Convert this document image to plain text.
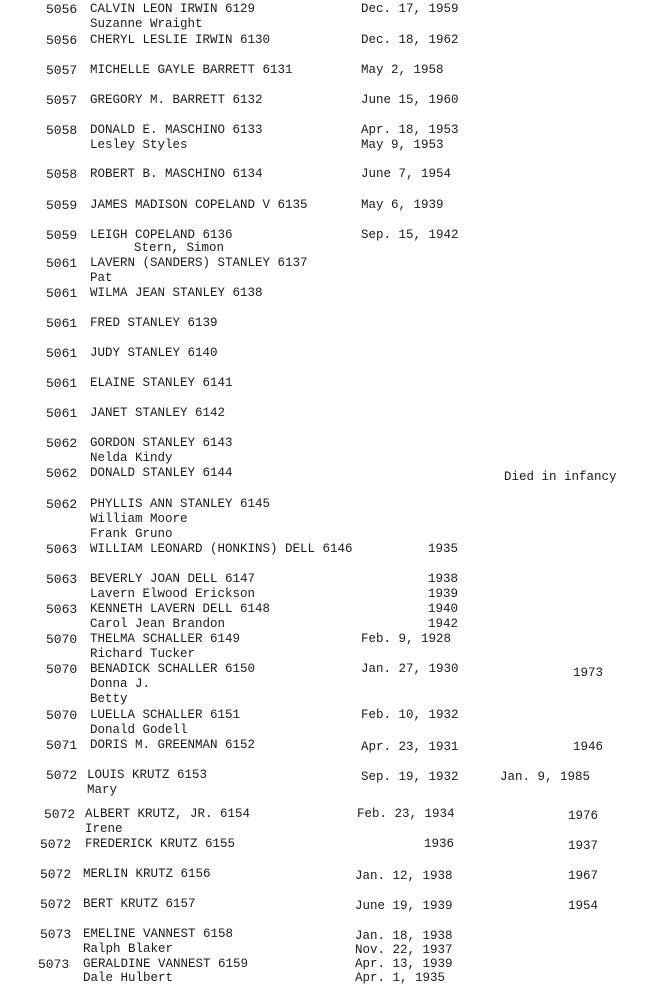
5056 CALVIN LEON IRWIN 6129	Dec. 17, 1959
Suzanne Wraight
5056 CHERYL LESLIE IRWIN 6130	Dec. 18, 1962
5057 MICHELLE GAYLE BARRETT 6131	May 2, 1958
5057 GREGORY M. BARRETT 6132	June 15, 1960
5058 DONALD E. MASCHINO 6133	Apr. 18, 1953
Lesley Styles	May 9, 1953
5058 ROBERT B. MASCHINO 6134	June 7, 1954
5059 JAMES MADISON COPELAND V 6135	May 6, 1939
5059 LEIGH COPELAND 6136	Sep. 15, 1942
Stern, Simon
5061 LAVERN (SANDERS) STANLEY 6137
Pat
5061 WILMA JEAN STANLEY 6138
5061 FRED STANLEY 6139
5061 JUDY STANLEY 6140
5061 ELAINE STANLEY 6141
5061 JANET STANLEY 6142
5062 GORDON STANLEY 6143
Nelda Kindy
5062 DONALD STANLEY 6144	Died in infancy
5062 PHYLLIS ANN STANLEY 6145
William Moore
Frank Gruno
5063 WILLIAM LEONARD (HONKINS) DELL 6146	1935
5063 BEVERLY JOAN DELL 6147	1938
Lavern Elwood Erickson	1939
5063 KENNETH LAVERN DELL 6148	1940
Carol Jean Brandon	1942
5070 THELMA SCHALLER 6149	Feb. 9, 1928
Richard Tucker
5070 BENADICK SCHALLER 6150	Jan. 27, 1930	1973
Donna J.
Betty
5070 LUELLA SCHALLER 6151	Feb. 10, 1932
Donald Godell
5071 DORIS M. GREENMAN 6152	Apr. 23, 1931	1946
5072 LOUIS KRUTZ 6153	Sep. 19, 1932	Jan. 9, 1985
Mary
5072 ALBERT KRUTZ, JR. 6154	Feb. 23, 1934	1976
Irene
5072 FREDERICK KRUTZ 6155	1936	1937
5072 MERLIN KRUTZ 6156	Jan. 12, 1938	1967
5072 BERT KRUTZ 6157	June 19, 1939	1954
5073 EMELINE VANNEST 6158	Jan. 18, 1938
Ralph Blaker	Nov. 22, 1937
5073 GERALDINE VANNEST 6159	Apr. 13, 1939
Dale Hulbert	Apr. 1, 1935
